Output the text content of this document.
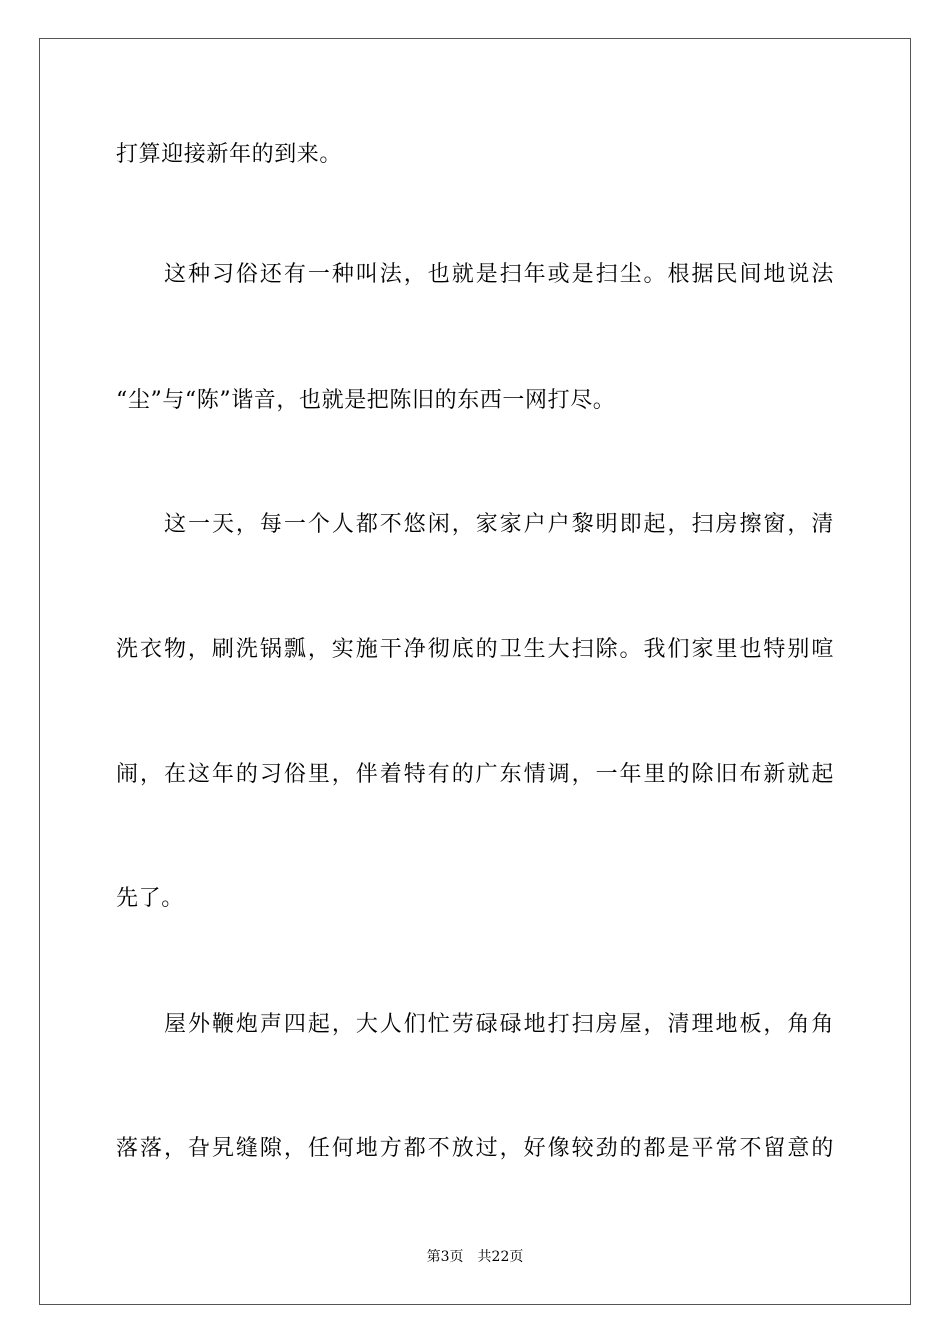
打算迎接新年的到来。
这种习俗还有一种叫法，也就是扫年或是扫尘。根据民间地说法
“尘”与“陈”谐音，也就是把陈旧的东西一网打尽。
这一天，每一个人都不悠闲，家家户户黎明即起，扫房擦窗，清
洗衣物，刷洗锅瓢，实施干净彻底的卫生大扫除。我们家里也特别喧
闹，在这年的习俗里，伴着特有的广东情调，一年里的除旧布新就起
先了。
屋外鞭炮声四起，大人们忙劳碌碌地打扫房屋，清理地板，角角
落落，旮旯缝隙，任何地方都不放过，好像较劲的都是平常不留意的
第3页 共22页
